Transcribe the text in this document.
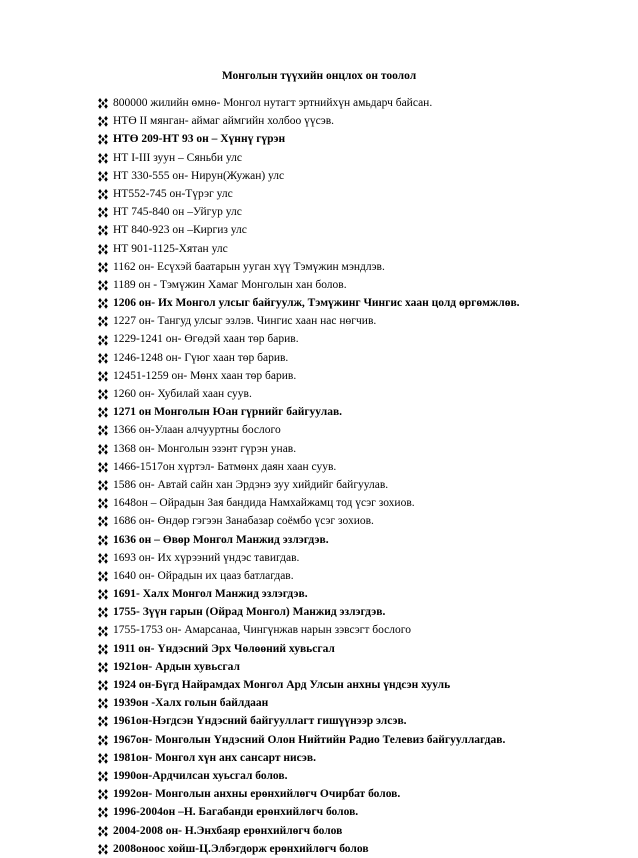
Монголын түүхийн онцлох он тоолол
800000 жилийн өмнө- Монгол нутагт эртнийхүн амьдарч байсан.
НТӨ II мянган- аймаг аймгийн холбоо үүсэв.
НТӨ 209-НТ 93 он – Хүннү гүрэн
НТ I-III зуун – Сяньби улс
НТ 330-555 он- Нирун(Жужан) улс
НТ552-745 он-Түрэг улс
НТ 745-840 он –Уйгур улс
НТ 840-923 он –Киргиз улс
НТ 901-1125-Хятан улс
1162 он- Есүхэй баатарын ууган хүү Тэмүжин мэндлэв.
1189 он - Тэмүжин Хамаг Монголын хан болов.
1206 он- Их Монгол улсыг байгуулж, Тэмүжинг Чингис хаан цолд өргөмжлөв.
1227 он- Тангуд улсыг эзлэв. Чингис хаан нас нөгчив.
1229-1241 он- Өгөдэй хаан төр барив.
1246-1248 он- Гүюг хаан төр барив.
12451-1259 он- Мөнх хаан төр барив.
1260 он- Хубилай хаан суув.
1271 он Монголын Юан гүрнийг байгуулав.
1366 он-Улаан алчууртны бослого
1368 он- Монголын эзэнт гүрэн унав.
1466-1517он хүртэл- Батмөнх даян хаан суув.
1586 он- Автай сайн хан Эрдэнэ зуу хийдийг байгуулав.
1648он – Ойрадын Зая бандида Намхайжамц тод үсэг зохиов.
1686 он- Өндөр гэгээн Занабазар соёмбо үсэг зохиов.
1636 он – Өвөр Монгол Манжид эзлэгдэв.
1693 он- Их хүрээний үндэс тавигдав.
1640 он- Ойрадын их цааз батлагдав.
1691- Халх Монгол Манжид эзлэгдэв.
1755- Зүүн гарын (Ойрад Монгол) Манжид эзлэгдэв.
1755-1753 он- Амарсанаа, Чингүнжав нарын зэвсэгт бослого
1911 он- Үндэсний Эрх Чөлөөний хувьсгал
1921он- Ардын хувьсгал
1924 он-Бүгд Найрамдах Монгол Ард Улсын анхны үндсэн хууль
1939он -Халх голын байлдаан
1961он-Нэгдсэн Үндэсний байгууллагт гишүүнээр элсэв.
1967он- Монголын Үндэсний Олон Нийтийн Радио Телевиз байгууллагдав.
1981он- Монгол хүн анх сансарт нисэв.
1990он-Ардчилсан хуьсгал болов.
1992он- Монголын анхны ерөнхийлөгч Очирбат болов.
1996-2004он –Н. Багабанди ерөнхийлөгч болов.
2004-2008 он- Н.Энхбаяр ерөнхийлөгч болов
2008оноос хойш-Ц.Элбэгдорж ерөнхийлөгч болов
